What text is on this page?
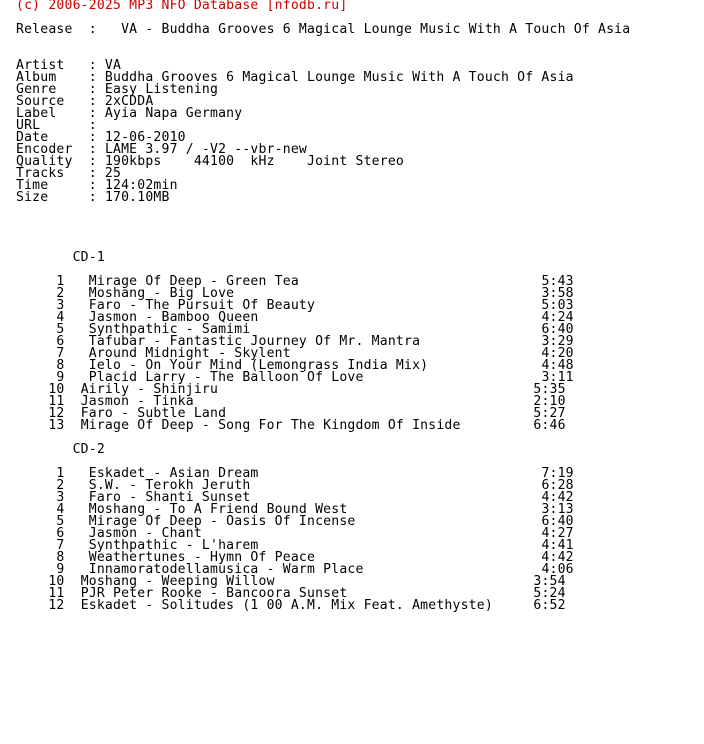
(c) 2006-2025 MP3 NFO Database [nfodb.ru]

Release  :   VA - Buddha Grooves 6 Magical Lounge Music With A Touch Of Asia

Artist   : VA
Album    : Buddha Grooves 6 Magical Lounge Music With A Touch Of Asia
Genre    : Easy Listening
Source   : 2xCDDA
Label    : Ayia Napa Germany
URL      :
Date     : 12-06-2010
Encoder  : LAME 3.97 / -V2 --vbr-new
Quality  : 190kbps    44100  kHz    Joint Stereo
Tracks   : 25
Time     : 124:02min
Size     : 170.10MB

CD-1

1 Mirage Of Deep - Green Tea	5:43
2 Moshang - Big Love	3:58
3 Faro - The Pursuit Of Beauty	5:03
4 Jasmon - Bamboo Queen	4:24
5 Synthpathic - Samimi	6:40
6 Tafubar - Fantastic Journey Of Mr. Mantra	3:29
7 Around Midnight - Skylent	4:20
8 Ielo - On Your Mind (Lemongrass India Mix)	4:48
9 Placid Larry - The Balloon Of Love	3:11
10 Airily - Shinjiru	5:35
11 Jasmon - Tinka	2:10
12 Faro - Subtle Land	5:27
13 Mirage Of Deep - Song For The Kingdom Of Inside	6:46

CD-2

1 Eskadet - Asian Dream	7:19
2 S.W. - Terokh Jeruth	6:28
3 Faro - Shanti Sunset	4:42
4 Moshang - To A Friend Bound West	3:13
5 Mirage Of Deep - Oasis Of Incense	6:40
6 Jasmon - Chant	4:27
7 Synthpathic - L'harem	4:41
8 Weathertunes - Hymn Of Peace	4:42
9 Innamoratodellamusica - Warm Place	4:06
10 Moshang - Weeping Willow	3:54
11 PJR Peter Rooke - Bancoora Sunset	5:24
12 Eskadet - Solitudes (1 00 A.M. Mix Feat. Amethyste)	6:52
